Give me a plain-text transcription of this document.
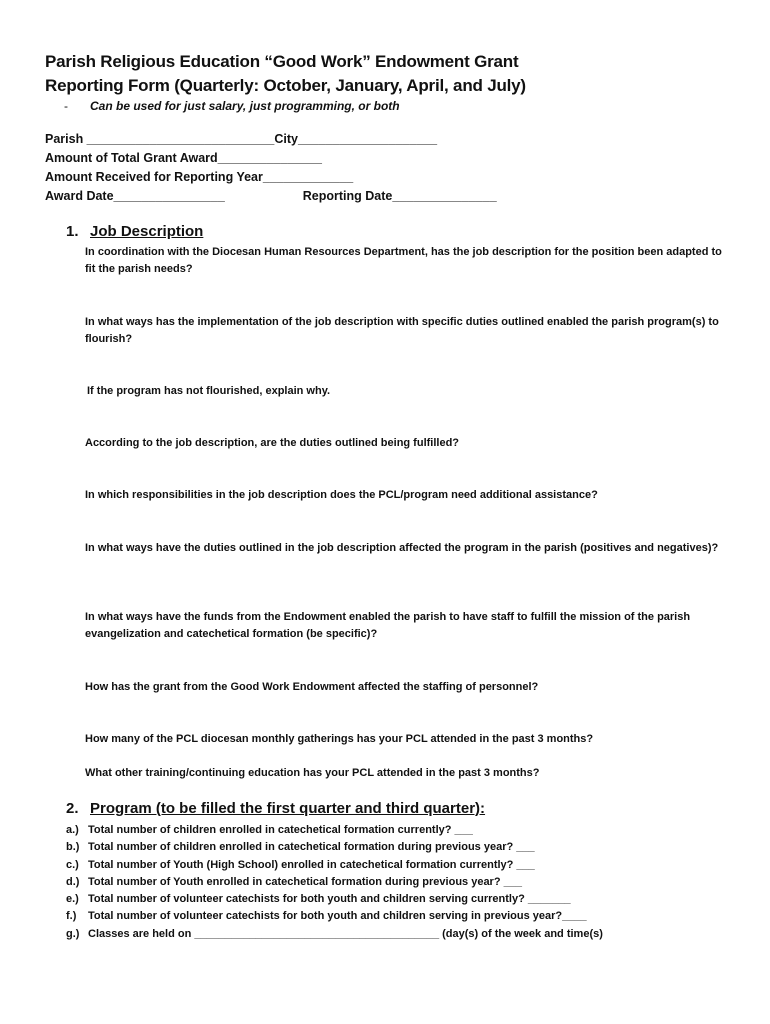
Parish Religious Education “Good Work” Endowment Grant
Reporting Form (Quarterly: October, January, April, and July)
- Can be used for just salary, just programming, or both
Parish ___________________________City____________________
Amount of Total Grant Award_______________
Amount Received for Reporting Year_____________
Award Date________________	Reporting Date_______________
1. Job Description
In coordination with the Diocesan Human Resources Department, has the job description for the position been adapted to fit the parish needs?
In what ways has the implementation of the job description with specific duties outlined enabled the parish program(s) to flourish?
If the program has not flourished, explain why.
According to the job description, are the duties outlined being fulfilled?
In which responsibilities in the job description does the PCL/program need additional assistance?
In what ways have the duties outlined in the job description affected the program in the parish (positives and negatives)?
In what ways have the funds from the Endowment enabled the parish to have staff to fulfill the mission of the parish evangelization and catechetical formation (be specific)?
How has the grant from the Good Work Endowment affected the staffing of personnel?
How many of the PCL diocesan monthly gatherings has your PCL attended in the past 3 months?
What other training/continuing education has your PCL attended in the past 3 months?
2. Program (to be filled the first quarter and third quarter):
a.) Total number of children enrolled in catechetical formation currently? ___
b.) Total number of children enrolled in catechetical formation during previous year? ___
c.) Total number of Youth (High School) enrolled in catechetical formation currently? ___
d.) Total number of Youth enrolled in catechetical formation during previous year? ___
e.) Total number of volunteer catechists for both youth and children serving currently? _______
f.) Total number of volunteer catechists for both youth and children serving in previous year?____
g.) Classes are held on ________________________________________ (day(s) of the week and time(s)
